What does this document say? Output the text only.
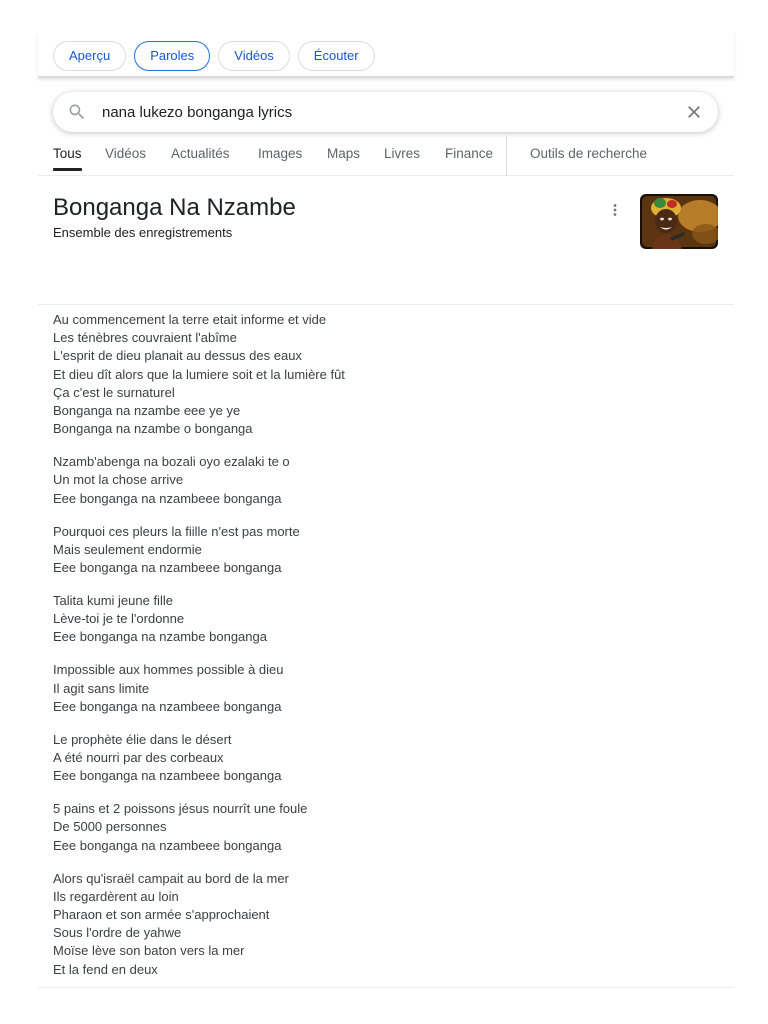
Aperçu	Paroles	Vidéos	Écouter
nana lukezo bonganga lyrics
Tous Vidéos Actualités Images Maps Livres Finance	Outils de recherche
Bonganga Na Nzambe
Ensemble des enregistrements
Au commencement la terre etait informe et vide
Les ténèbres couvraient l'abîme
L'esprit de dieu planait au dessus des eaux
Et dieu dît alors que la lumiere soit et la lumière fût
Ça c'est le surnaturel
Bonganga na nzambe eee ye ye
Bonganga na nzambe o bonganga
Nzamb'abenga na bozali oyo ezalaki te o
Un mot la chose arrive
Eee bonganga na nzambeee bonganga
Pourquoi ces pleurs la fiille n'est pas morte
Mais seulement endormie
Eee bonganga na nzambeee bonganga
Talita kumi jeune fille
Lève-toi je te l'ordonne
Eee bonganga na nzambe bonganga
Impossible aux hommes possible à dieu
Il agit sans limite
Eee bonganga na nzambeee bonganga
Le prophète élie dans le désert
A été nourri par des corbeaux
Eee bonganga na nzambeee bonganga
5 pains et 2 poissons jésus nourrît une foule
De 5000 personnes
Eee bonganga na nzambeee bonganga
Alors qu'israël campait au bord de la mer
Ils regardèrent au loin
Pharaon et son armée s'approchaient
Sous l'ordre de yahwe
Moïse lève son baton vers la mer
Et la fend en deux
